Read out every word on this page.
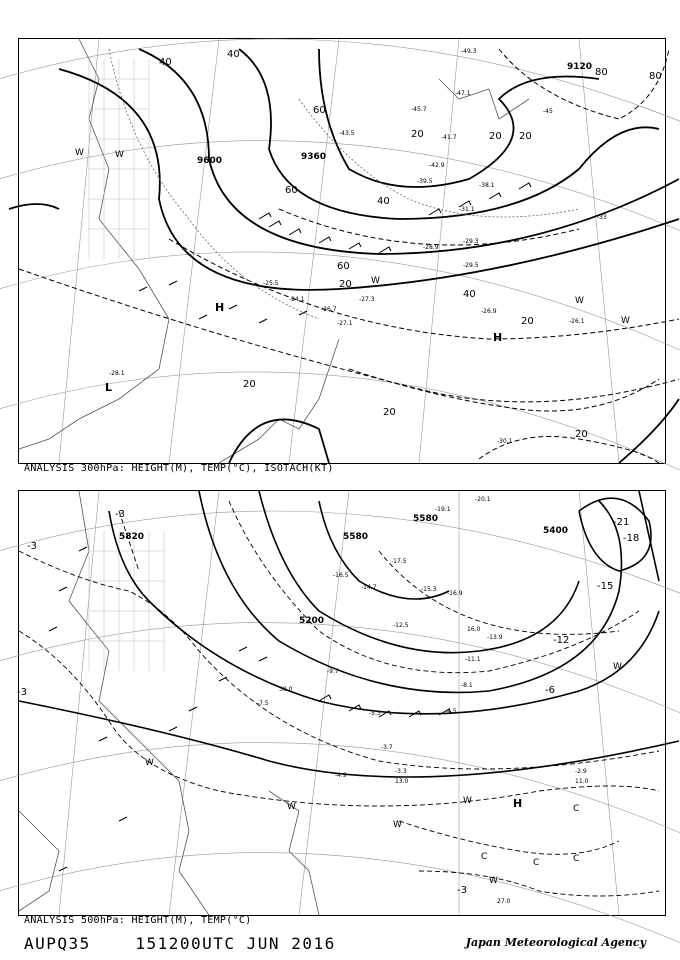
9600	9360
9120
40
40
60
60
80
80
40
60
20 20
20
40
20
20
20
20
20
-49.3
-47.1
-45.7
-43.5
-42.9
-41.7
-39.5
-38.1
-31.1
-29.5
-29.3
-28.9
-27.3
-26.7
-26.1
-25.5
-24.1
-26.9
-28.1
-30.1
-27.1
-33
-45
H
H
L
W	W
W
W
W
ANALYSIS 300hPa: HEIGHT(M), TEMP(°C), ISOTACH(KT)
5820
5580
5580
5400
5200
-3
-3	-6
-12
-18
-21
-15
-3
-3	-19.1
-20.1
-17.5
-16.5
-15.3
-16.9
-14.7
-12.5
-13.9
-9.7
-7.5
-5.3	-4.5
-2.9
-3.3
-3.7
-4.9
-8.1
-11.1
16.0
11.0
13.0
27.0
30.0
H
W
W
W
W
W
C
C
C	C
W
ANALYSIS 500hPa: HEIGHT(M), TEMP(°C)
AUPQ35	151200UTC JUN 2016	Japan Meteorological Agency
